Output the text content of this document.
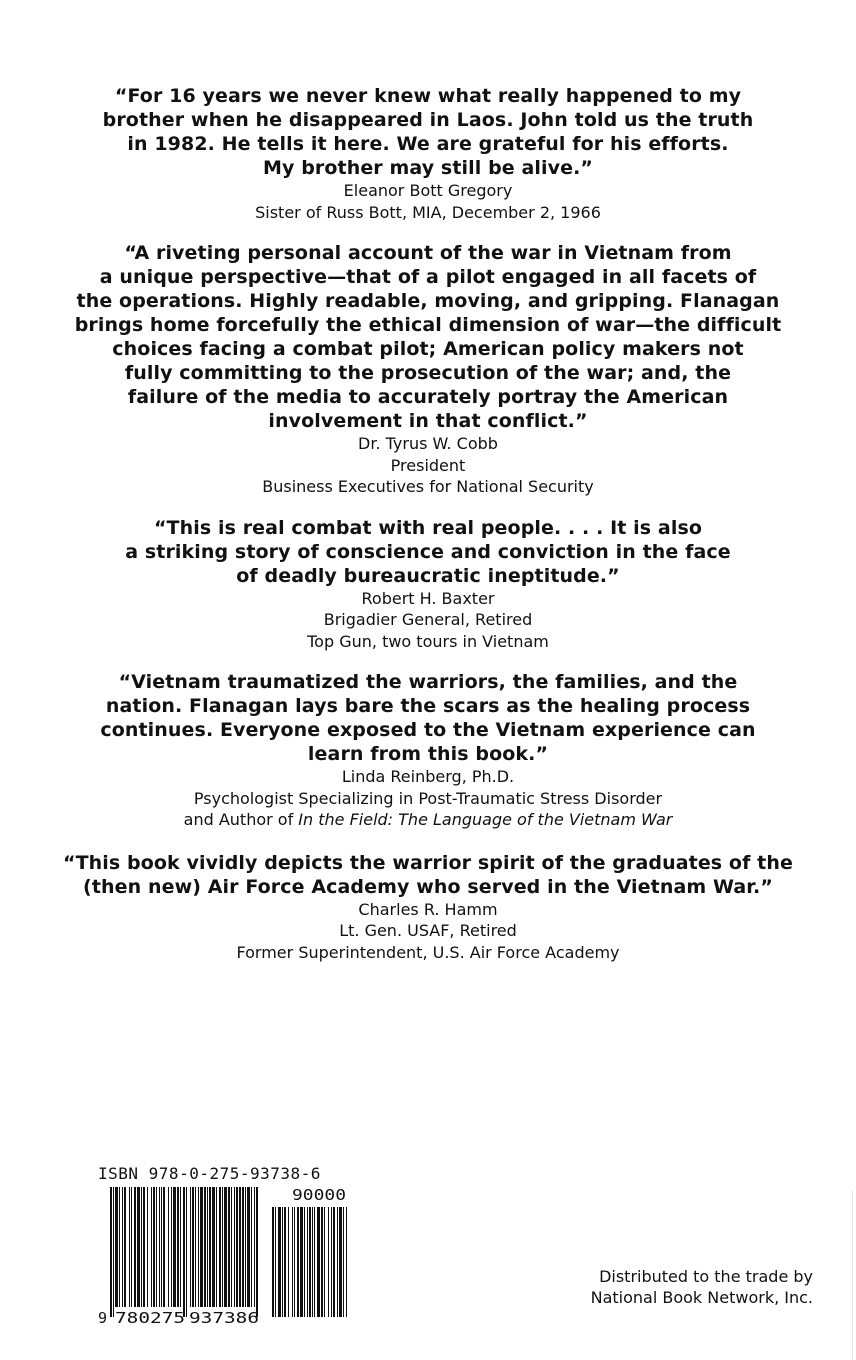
“For 16 years we never knew what really happened to my
brother when he disappeared in Laos. John told us the truth
in 1982. He tells it here. We are grateful for his efforts.
My brother may still be alive.”
Eleanor Bott Gregory
Sister of Russ Bott, MIA, December 2, 1966
“A riveting personal account of the war in Vietnam from
a unique perspective—that of a pilot engaged in all facets of
the operations. Highly readable, moving, and gripping. Flanagan
brings home forcefully the ethical dimension of war—the difficult
choices facing a combat pilot; American policy makers not
fully committing to the prosecution of the war; and, the
failure of the media to accurately portray the American
involvement in that conflict.”
Dr. Tyrus W. Cobb
President
Business Executives for National Security
“This is real combat with real people. . . . It is also
a striking story of conscience and conviction in the face
of deadly bureaucratic ineptitude.”
Robert H. Baxter
Brigadier General, Retired
Top Gun, two tours in Vietnam
“Vietnam traumatized the warriors, the families, and the
nation. Flanagan lays bare the scars as the healing process
continues. Everyone exposed to the Vietnam experience can
learn from this book.”
Linda Reinberg, Ph.D.
Psychologist Specializing in Post-Traumatic Stress Disorder
and Author of In the Field: The Language of the Vietnam War
“This book vividly depicts the warrior spirit of the graduates of the
(then new) Air Force Academy who served in the Vietnam War.”
Charles R. Hamm
Lt. Gen. USAF, Retired
Former Superintendent, U.S. Air Force Academy
ISBN 978-0-275-93738-6
9 780275 937386
90000
Distributed to the trade by
National Book Network, Inc.
